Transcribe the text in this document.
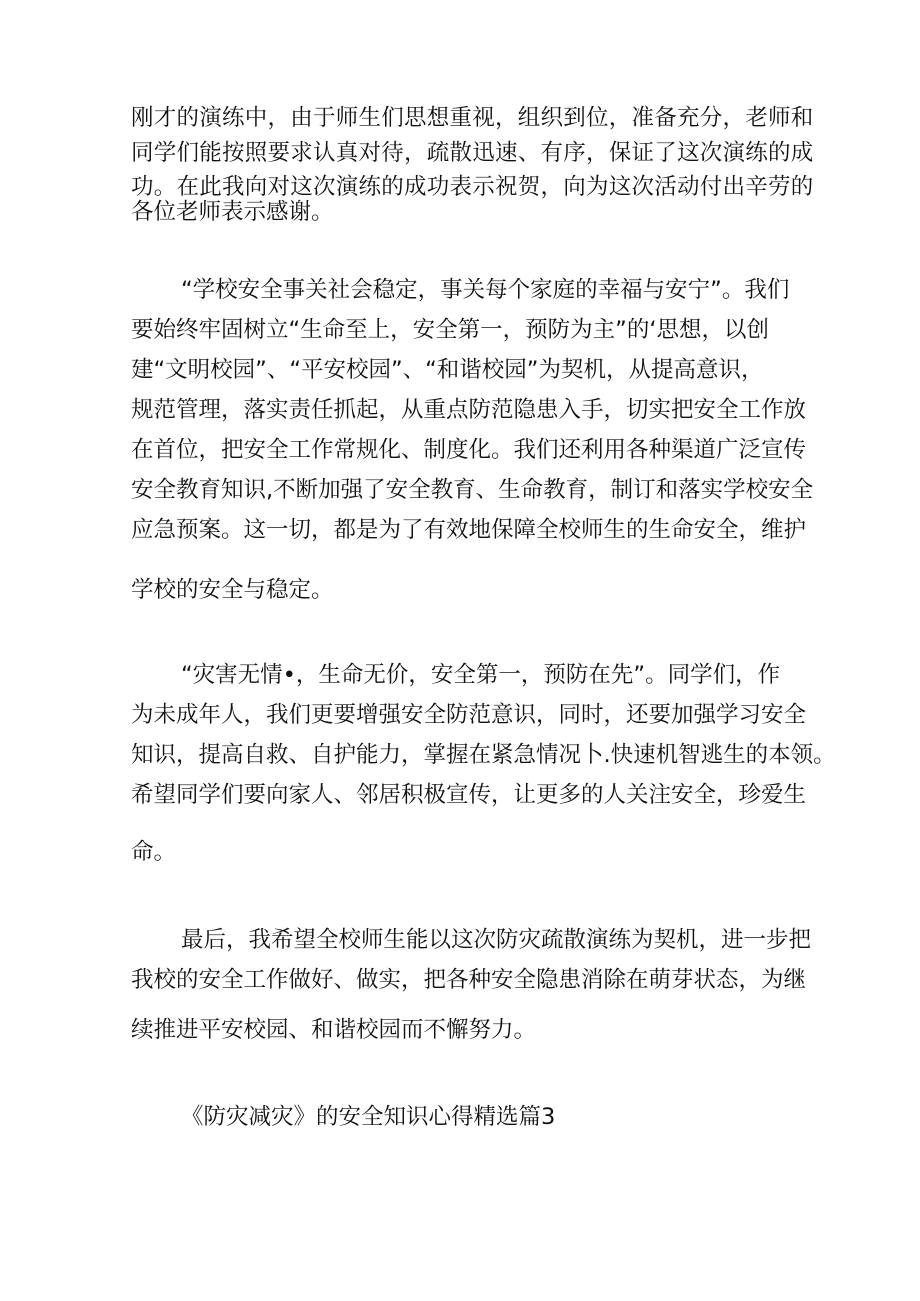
刚才的演练中，由于师生们思想重视，组织到位，准备充分，老师和

同学们能按照要求认真对待，疏散迅速、有序，保证了这次演练的成

功。在此我向对这次演练的成功表示祝贺，向为这次活动付出辛劳的

各位老师表示感谢。

“学校安全事关社会稳定，事关每个家庭的幸福与安宁”。我们

要始终牢固树立“生命至上，安全第一，预防为主”的‘思想，以创

建“文明校园”、“平安校园”、“和谐校园”为契机，从提高意识，

规范管理，落实责任抓起，从重点防范隐患入手，切实把安全工作放

在首位，把安全工作常规化、制度化。我们还利用各种渠道广泛宣传

安全教育知识,不断加强了安全教育、生命教育，制订和落实学校安全

应急预案。这一切，都是为了有效地保障全校师生的生命安全，维护

学校的安全与稳定。

“灾害无情•，生命无价，安全第一，预防在先”。同学们，作

为未成年人，我们更要增强安全防范意识，同时，还要加强学习安全

知识，提高自救、自护能力，掌握在紧急情况卜.快速机智逃生的本领。

希望同学们要向家人、邻居积极宣传，让更多的人关注安全，珍爱生

命。

最后，我希望全校师生能以这次防灾疏散演练为契机，进一步把

我校的安全工作做好、做实，把各种安全隐患消除在萌芽状态，为继

续推进平安校园、和谐校园而不懈努力。

《防灾减灾》的安全知识心得精选篇3
